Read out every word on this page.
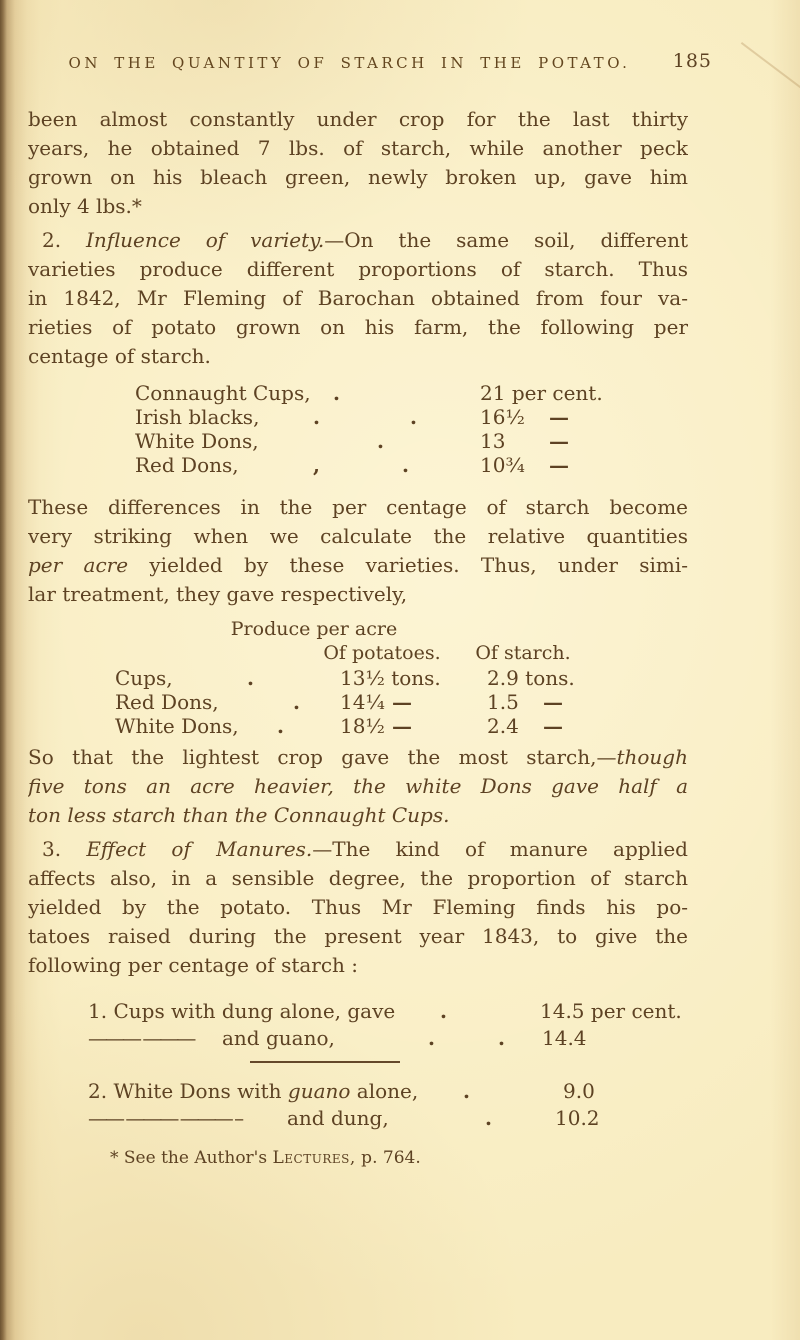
ON THE QUANTITY OF STARCH IN THE POTATO. 185
been almost constantly under crop for the last thirty
years, he obtained 7 lbs. of starch, while another peck
grown on his bleach green, newly broken up, gave him
only 4 lbs.*
2. Influence of variety.—On the same soil, different
varieties produce different proportions of starch. Thus
in 1842, Mr Fleming of Barochan obtained from four va-
rieties of potato grown on his farm, the following per
centage of starch.
Connaught Cups, .	21 per cent.
Irish blacks,	.	.	16½ —
White Dons,	.	13 —
Red Dons,	,	.	10¾ —
These differences in the per centage of starch become
very striking when we calculate the relative quantities
per acre yielded by these varieties. Thus, under simi-
lar treatment, they gave respectively,
Produce per acre
Of potatoes. Of starch.
Cups,	.	13½ tons. 2.9 tons.
Red Dons,	. 14¼ —	1.5 —
White Dons, .	18½ —	2.4 —
So that the lightest crop gave the most starch,—though
five tons an acre heavier, the white Dons gave half a
ton less starch than the Connaught Cups.
3. Effect of Manures.—The kind of manure applied
affects also, in a sensible degree, the proportion of starch
yielded by the potato. Thus Mr Fleming finds his po-
tatoes raised during the present year 1843, to give the
following per centage of starch :
1. Cups with dung alone, gave .	14.5 per cent.
——— ——— and guano,	.	. 14.4
2. White Dons with guano alone, .	9.0
—— ——— ——— – and dung,	.	10.2
* See the Author's Lectures, p. 764.
